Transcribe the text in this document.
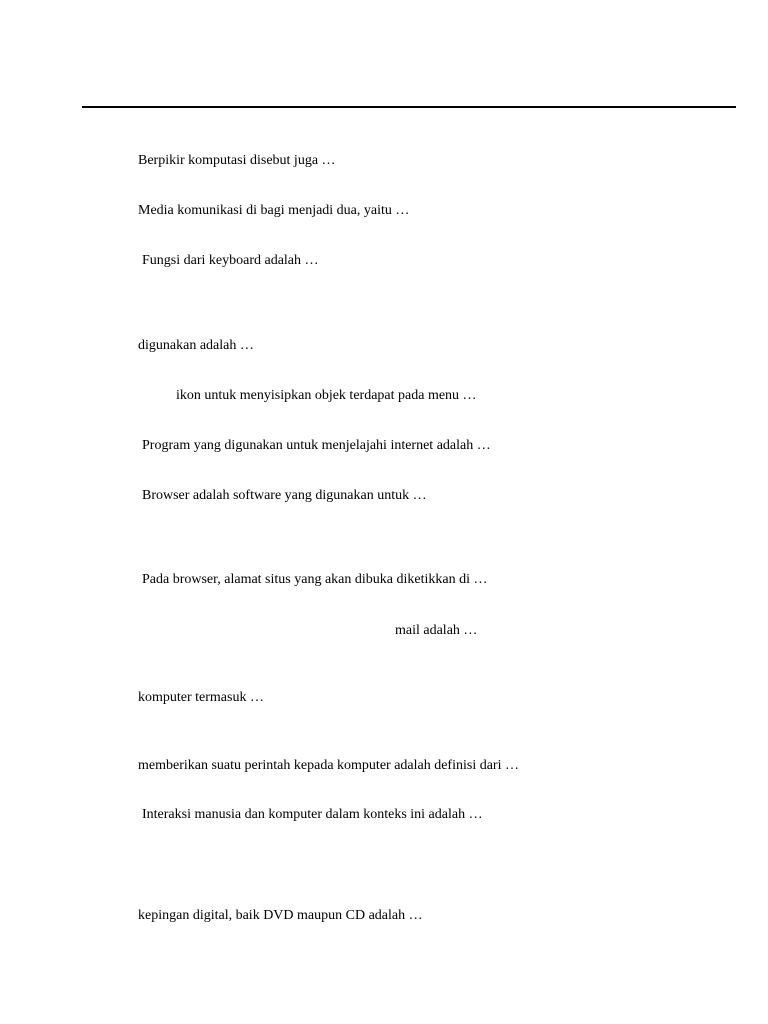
Berpikir komputasi disebut juga …
Media komunikasi di bagi menjadi dua, yaitu …
Fungsi dari keyboard adalah …
digunakan adalah …
ikon untuk menyisipkan objek terdapat pada menu …
Program yang digunakan untuk menjelajahi internet adalah …
Browser adalah software yang digunakan untuk …
Pada browser, alamat situs yang akan dibuka diketikkan di …
mail adalah …
komputer termasuk …
memberikan suatu perintah kepada komputer adalah definisi dari …
Interaksi manusia dan komputer dalam konteks ini adalah …
kepingan digital, baik DVD maupun CD adalah …
